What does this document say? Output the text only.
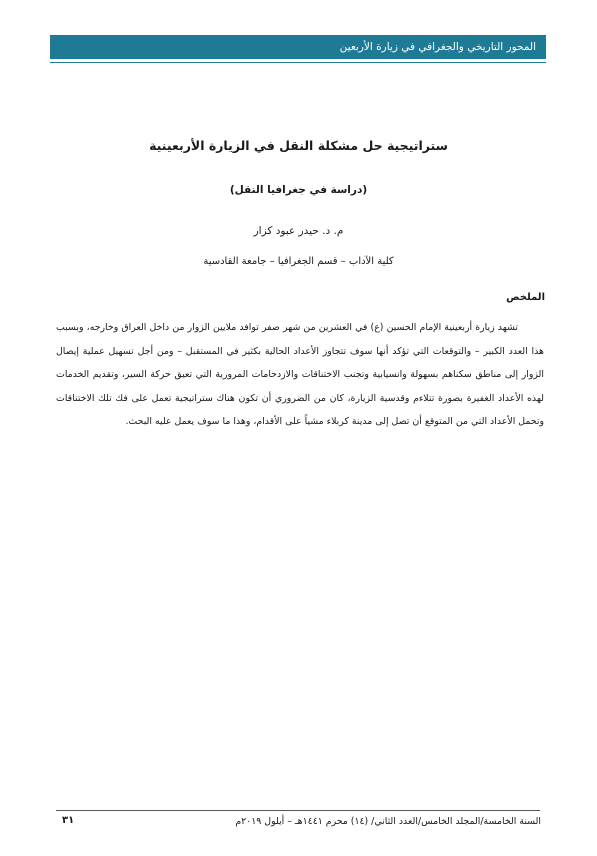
المحور التاريخي والجغرافي في زيارة الأربعين
ستراتيجية حل مشكلة النقل في الزيارة الأربعينية
(دراسة في جغرافيا النقل)
م. د. حيدر عبود كزار
كلية الآداب – قسم الجغرافيا – جامعة القادسية
الملخص

تشهد زيارة أربعينية الإمام الحسين (ع) في العشرين من شهر صفر توافد ملايين الزوار من داخل العراق وخارجه، وبسبب هذا العدد الكبير – والتوقعات التي تؤكد أنها سوف تتجاوز الأعداد الحالية بكثير في المستقبل – ومن أجل تسهيل عملية إيصال الزوار إلى مناطق سكناهم بسهولة وانسيابية وتجنب الاختناقات والازدحامات المرورية التي تعيق حركة السير، وتقديم الخدمات لهذه الأعداد الغفيرة بصورة تتلاءم وقدسية الزيارة، كان من الضروري أن تكون هناك ستراتيجية تعمل على فك تلك الاختناقات وتحمل الأعداد التي من المتوقع أن تصل إلى مدينة كربلاء مشياً على الأقدام، وهذا ما سوف يعمل عليه البحث.

السنة الخامسة/المجلد الخامس/العدد الثاني/ (١٤) محرم ١٤٤١هـ – أيلول ٢٠١٩م
٣١
